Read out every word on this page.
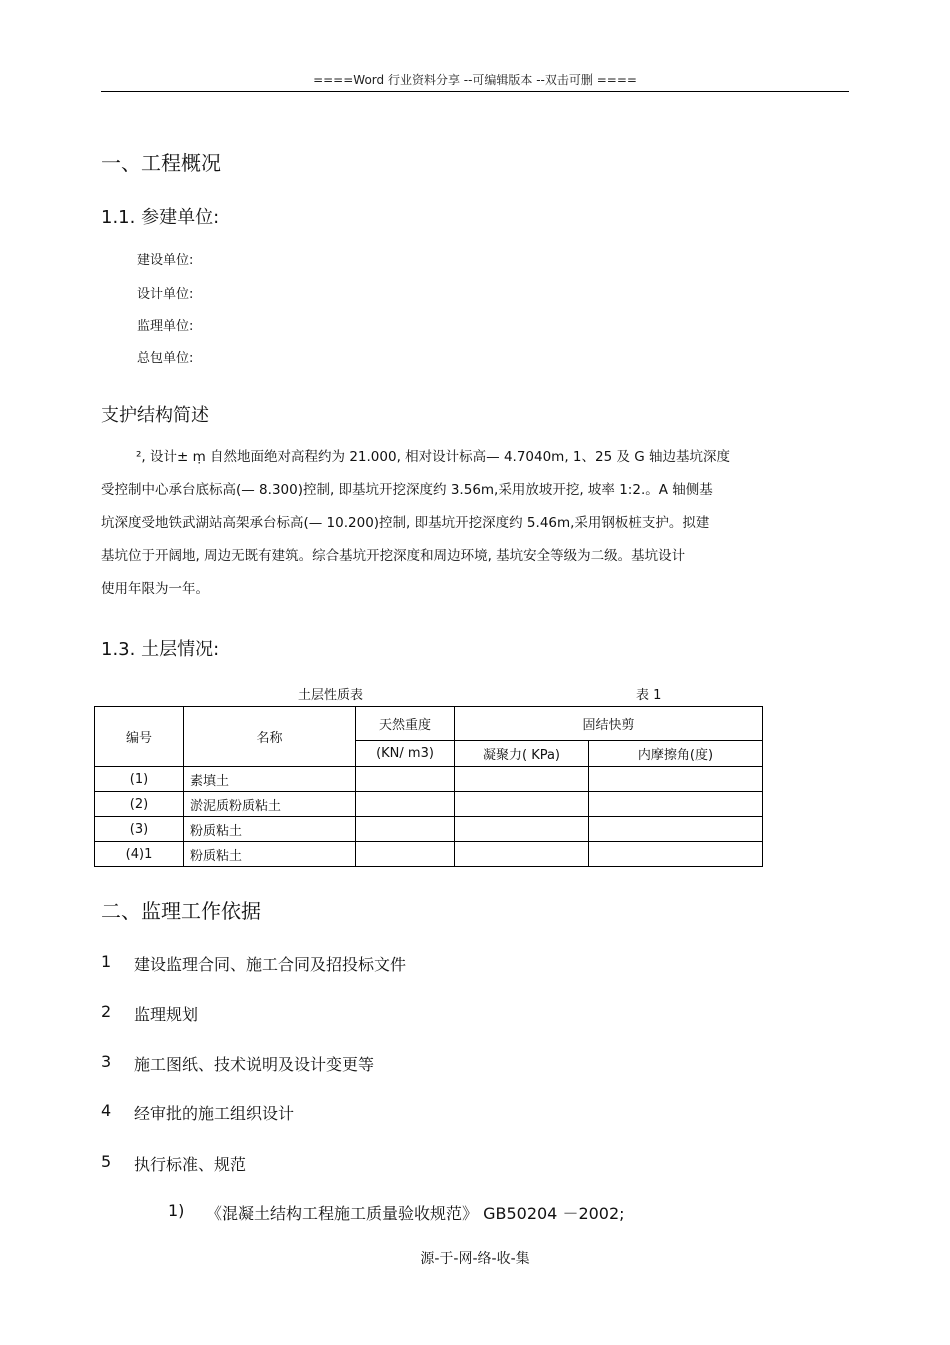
====Word 行业资料分享 --可编辑版本 --双击可删 ====
一、工程概况
1.1. 参建单位:
建设单位:
设计单位:
监理单位:
总包单位:
支护结构简述
², 设计± ṃ 自然地面绝对高程约为 21.000, 相对设计标高— 4.7040m, 1、25 及 G 轴边基坑深度
受控制中心承台底标高(— 8.300)控制, 即基坑开挖深度约 3.56m,采用放坡开挖, 坡率 1:2.。A 轴侧基
坑深度受地铁武湖站高架承台标高(— 10.200)控制, 即基坑开挖深度约 5.46m,采用钢板桩支护。拟建
基坑位于开阔地, 周边无既有建筑。综合基坑开挖深度和周边环境, 基坑安全等级为二级。基坑设计
使用年限为一年。
1.3. 土层情况:
土层性质表	表 1
编号	名称	天然重度	固结快剪	
		(KN/ m3)	凝聚力( KPa)	内摩擦角(度)
(1)	素填土			
(2)	淤泥质粉质粘土			
(3)	粉质粘土			
(4)1	粉质粘土			
二、监理工作依据
1 建设监理合同、施工合同及招投标文件
2 监理规划
3 施工图纸、技术说明及设计变更等
4 经审批的施工组织设计
5 执行标准、规范
1) 《混凝土结构工程施工质量验收规范》 GB50204 －2002;
源-于-网-络-收-集
